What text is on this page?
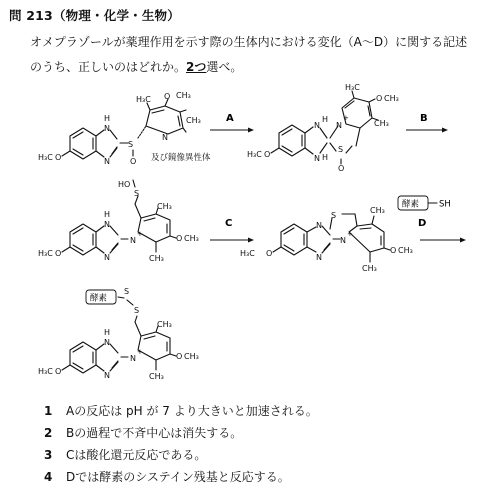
問 213（物理・化学・生物）
オメプラゾールが薬理作用を示す際の生体内における変化（A～D）に関する記述のうち、正しいのはどれか。2つ選べ。
H₃C O
H
N
N
S
O
N
H₃C O CH₃
CH₃
及び鏡像異性体	H₃C O
N
H
N H
N
+
S
O
H₃C
O CH₃
CH₃
HO
S
H₃C O
H
N
N
N
+
CH₃
O CH₃
CH₃
H₃C O
N
N
S
N
+
CH₃
O CH₃
CH₃
S
S
H₃C O
H
N
N
N
+
CH₃
O CH₃
CH₃
酵素 SH
酵素
A	B
C	D
1 Aの反応は pH が 7 より大きいと加速される。
2 Bの過程で不斉中心は消失する。
3 Cは酸化還元反応である。
4 Dでは酵素のシステイン残基と反応する。
